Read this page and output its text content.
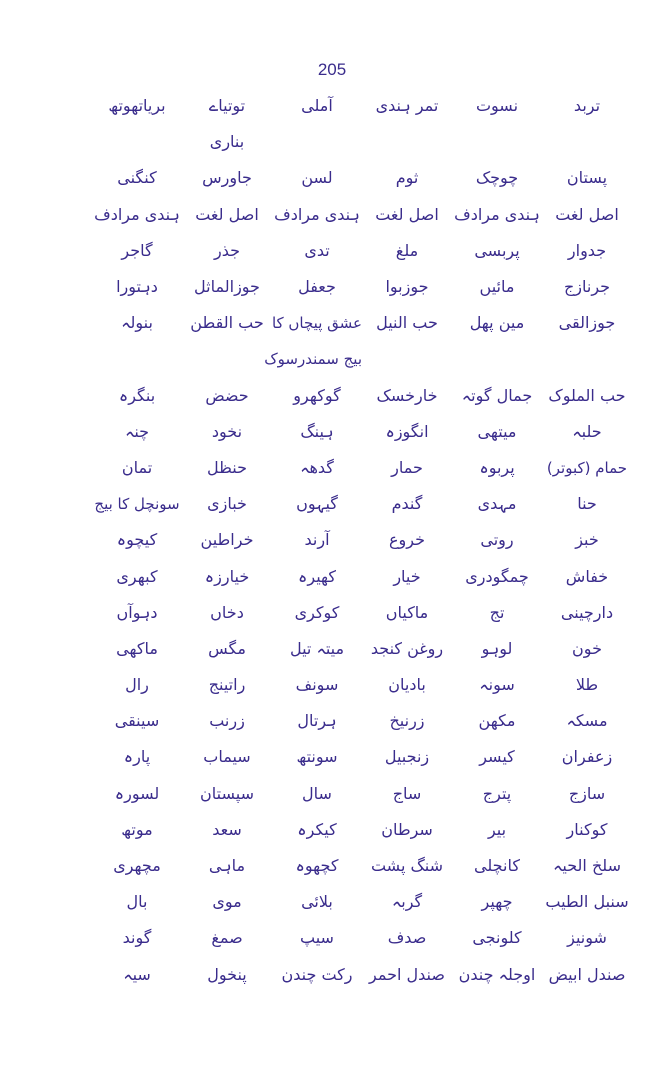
205
تربد
نسوت
تمر ہندی
آملی
توتیاے
بریاتھوتھ
بناری
پستان
چوچک
ثوم
لسن
جاورس
کنگنی
اصل لغت
ہندی مرادف
اصل لغت
ہندی مرادف
اصل لغت
ہندی مرادف
جدوار
پربسی
ملغ
تدی
جذر
گاجر
جرنازج
مائیں
جوزبوا
جعفل
جوزالماثل
دہتورا
جوزالقی
مین پھل
حب النیل
عشق پیچاں کا
حب القطن
بنولہ
بیج سمندرسوک
حب الملوک
جمال گوتہ
خارخسک
گوکھرو
حضض
بنگرہ
حلبہ
میتھی
انگوزہ
ہینگ
نخود
چنہ
حمام (کبوتر)
پربوہ
حمار
گدھہ
حنظل
تمان
حنا
مہدی
گندم
گیہوں
خبازی
سونچل کا بیج
خبز
روتی
خروع
آرند
خراطین
کیچوہ
خفاش
چمگودری
خیار
کھیرہ
خیارزہ
کبھری
دارچینی
تج
ماکیاں
کوکری
دخاں
دہوآں
خون
لوہو
روغن کنجد
میتہ تیل
مگس
ماکھی
طلا
سونہ
بادیان
سونف
راتینج
رال
مسکہ
مکھن
زرنیخ
ہرتال
زرنب
سینقی
زعفران
کیسر
زنجبیل
سونتھ
سیماب
پارہ
سازج
پترج
ساج
سال
سپستان
لسورہ
کوکنار
بیر
سرطان
کیکرہ
سعد
موتھ
سلخ الحیہ
کانچلی
شنگ پشت
کچھوہ
ماہی
مچھری
سنبل الطیب
چھپر
گربہ
بلائی
موی
بال
شونیز
کلونجی
صدف
سیپ
صمغ
گوند
صندل ابیض
اوجلہ چندن
صندل احمر
رکت چندن
پنخول
سیہ
